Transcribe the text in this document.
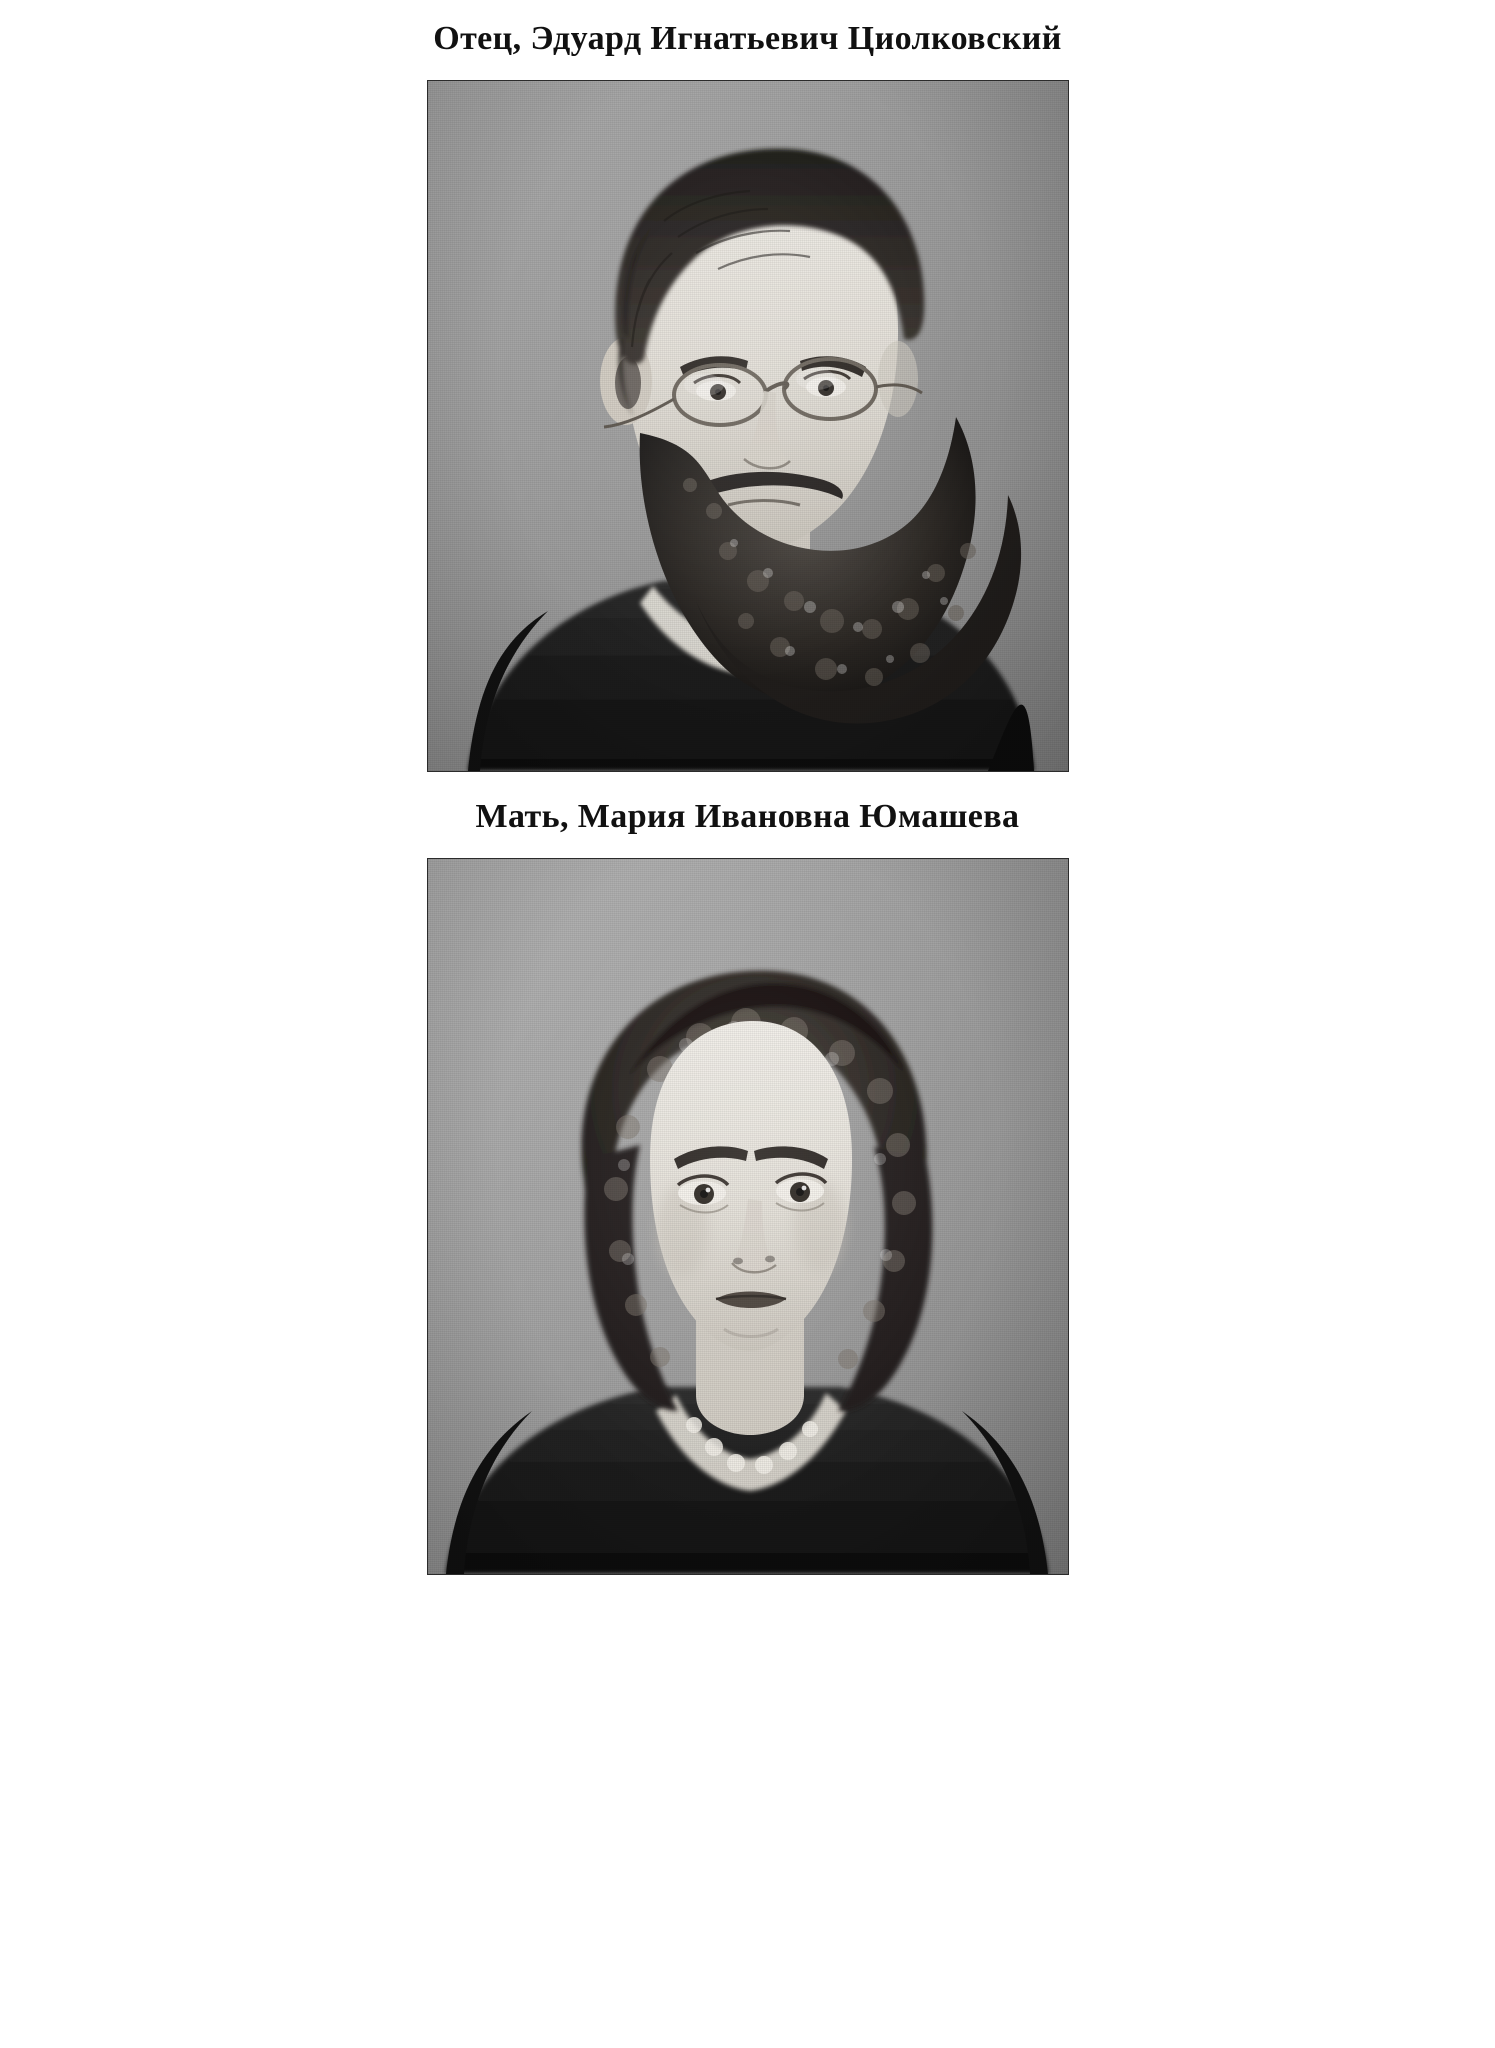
Отец, Эдуард Игнатьевич Циолковский
Мать, Мария Ивановна Юмашева
